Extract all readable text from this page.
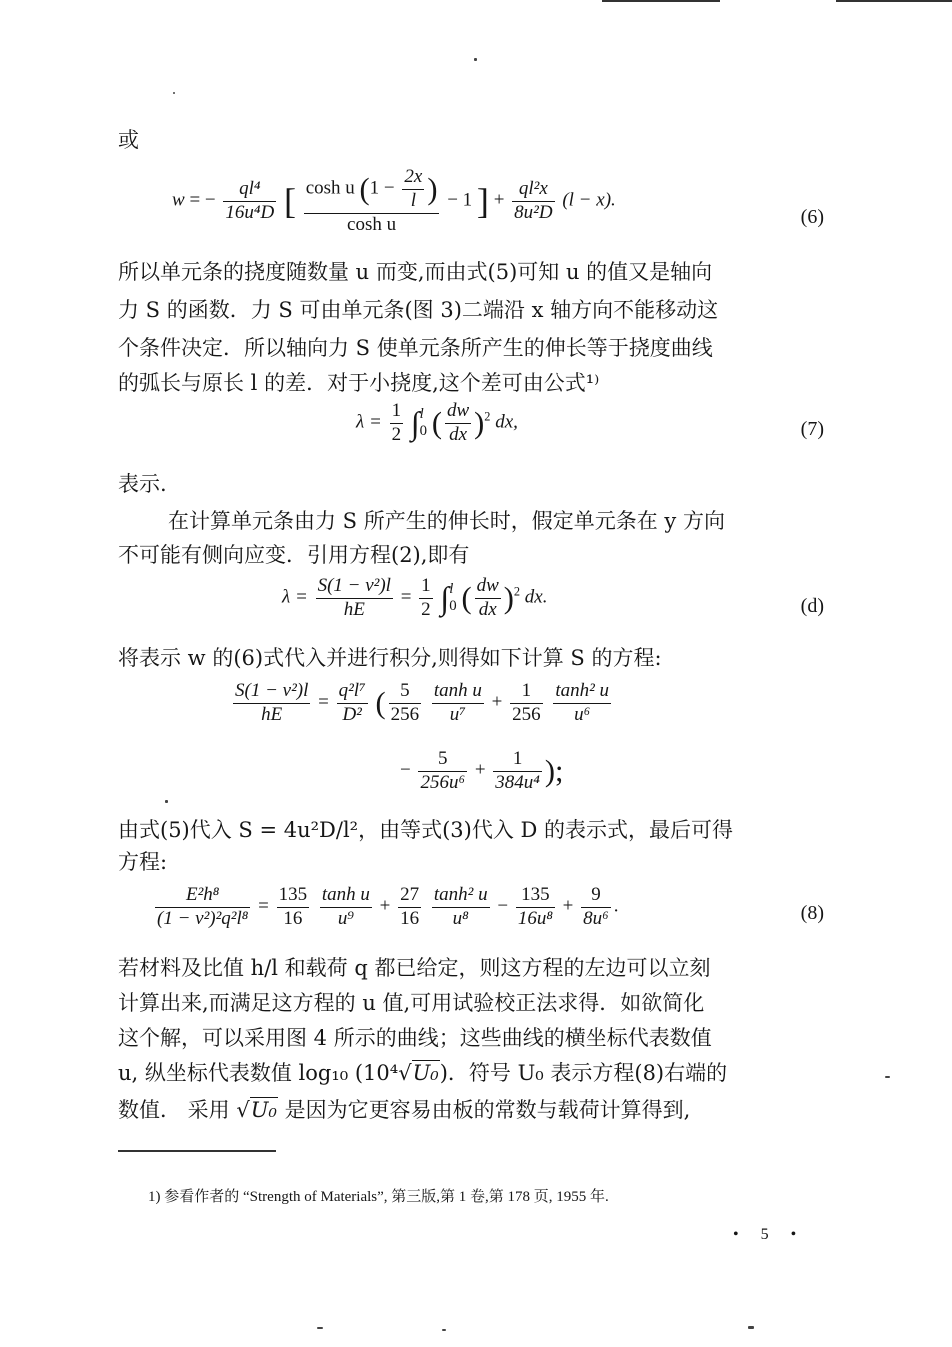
或
w = − $\frac{\text{ql⁴}}{\text{16u⁴D}}$ [ $\frac{\cosh u (1 - \frac{2x}{l} )}{\text{cosh u}} - 1$ ] + $\frac{\text{ql²x}}{\text{8u²D}} (l - x)$.
(6)
所以单元条的挠度随数量 u 而变,而由式(5)可知 u 的值又是轴向
力 S 的函数．力 S 可由单元条(图 3)二端沿 x 轴方向不能移动这
个条件决定．所以轴向力 S 使单元条所产生的伸长等于挠度曲线
的弧长与原长 l 的差．对于小挠度,这个差可由公式¹⁾
$\lambda = \frac{1}{2}$ ∫ l
0 ( $\frac{dw}{dx} )^2$ dx,	(7)
表示.
在计算单元条由力 S 所产生的伸长时，假定单元条在 y 方向
不可能有侧向应变．引用方程(2),即有
$\lambda = \frac{\text{S(1 − ν²)l}}{hE} = \frac{1}{2}$ ∫ l
0 ( $\frac{dw}{dx} )^2$ dx.	(d)
将表示 w 的(6)式代入并进行积分,则得如下计算 S 的方程:
$\frac{\text{S(1 − ν²)l}}{hE} = \frac{\text{q²l⁷}}{\text{D²}}$ ( $\frac{5}{256}$
$\frac{\text{tanh u}}{\text{u⁷}} + \frac{1}{256}$
$\frac{\text{tanh² u}}{\text{u⁶}}$
− $\frac{5}{\text{256u⁶}} + \frac{1}{\text{384u⁴}}$ );
由式(5)代入 S = 4u²D/l²，由等式(3)代入 D 的表示式，最后可得
方程:
$\frac{\text{E²h⁸}}{\text{(1 − ν²)²q²l⁸}} = \frac{135}{16}$
$\frac{\text{tanh u}}{\text{u⁹}} + \frac{27}{16}$
$\frac{\text{tanh² u}}{\text{u⁸}} - \frac{135}{\text{16u⁸}} + \frac{9}{\text{8u⁶}}$ .	(8)
若材料及比值 h/l 和载荷 q 都已给定，则这方程的左边可以立刻
计算出来,而满足这方程的 u 值,可用试验校正法求得．如欲简化
这个解，可以采用图 4 所示的曲线；这些曲线的横坐标代表数值
u, 纵坐标代表数值 log₁₀ (10⁴√U₀)．符号 U₀ 表示方程(8)右端的
数值． 采用 √U₀ 是因为它更容易由板的常数与载荷计算得到,
1) 参看作者的 “Strength of Materials”, 第三版,第 1 卷,第 178 页, 1955 年.
• 5 •
